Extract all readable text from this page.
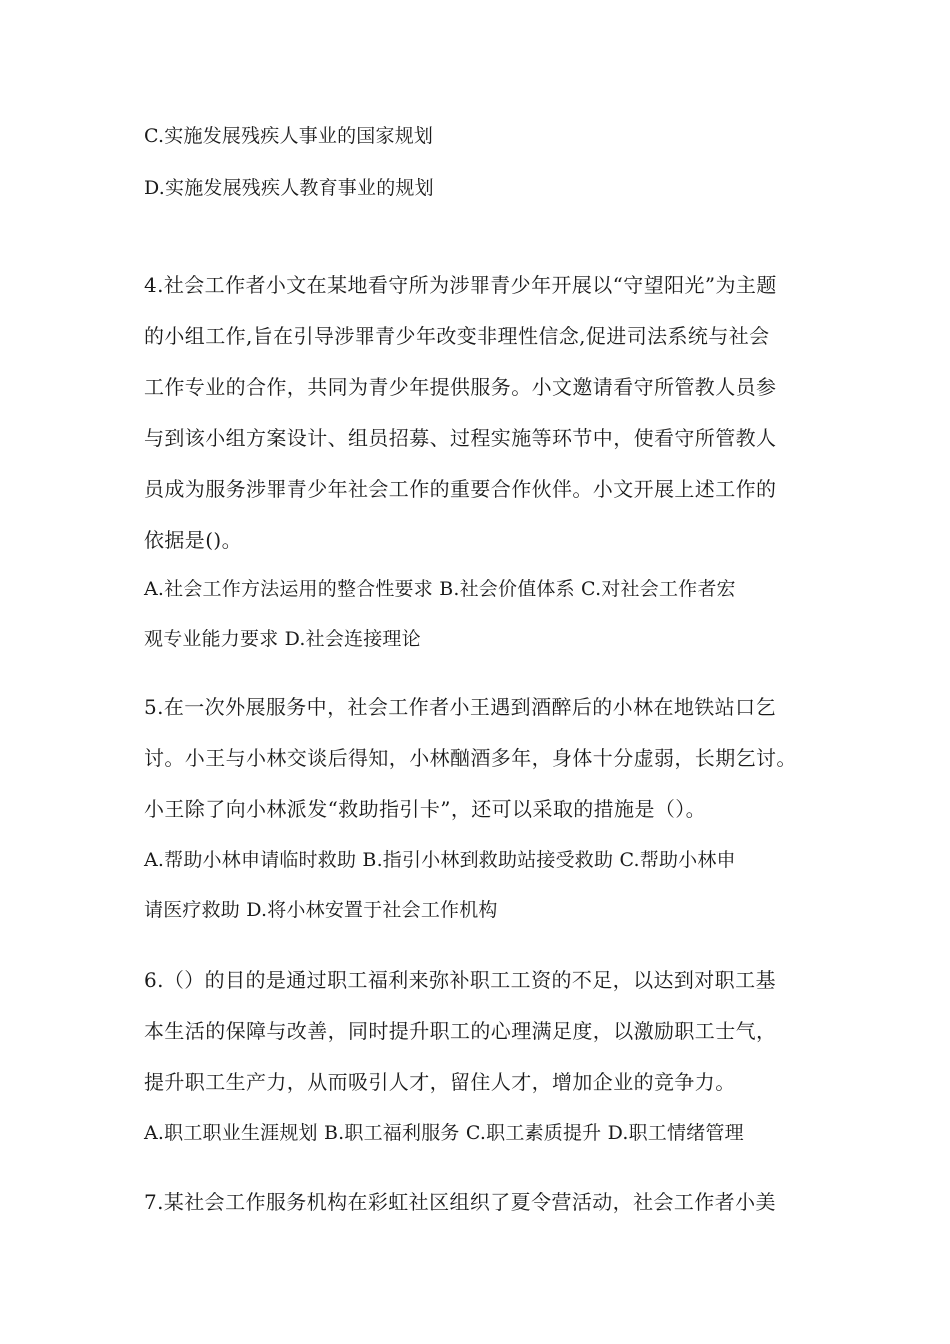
C.实施发展残疾人事业的国家规划
D.实施发展残疾人教育事业的规划
4.社会工作者小文在某地看守所为涉罪青少年开展以“守望阳光”为主题
的小组工作,旨在引导涉罪青少年改变非理性信念,促进司法系统与社会
工作专业的合作，共同为青少年提供服务。小文邀请看守所管教人员参
与到该小组方案设计、组员招募、过程实施等环节中，使看守所管教人
员成为服务涉罪青少年社会工作的重要合作伙伴。小文开展上述工作的
依据是()。
A.社会工作方法运用的整合性要求 B.社会价值体系 C.对社会工作者宏
观专业能力要求 D.社会连接理论
5.在一次外展服务中，社会工作者小王遇到酒醉后的小林在地铁站口乞
讨。小王与小林交谈后得知，小林酗酒多年，身体十分虚弱，长期乞讨。
小王除了向小林派发“救助指引卡”，还可以采取的措施是（）。
A.帮助小林申请临时救助 B.指引小林到救助站接受救助 C.帮助小林申
请医疗救助 D.将小林安置于社会工作机构
6.（）的目的是通过职工福利来弥补职工工资的不足，以达到对职工基
本生活的保障与改善，同时提升职工的心理满足度，以激励职工士气，
提升职工生产力，从而吸引人才，留住人才，增加企业的竞争力。
A.职工职业生涯规划 B.职工福利服务 C.职工素质提升 D.职工情绪管理
7.某社会工作服务机构在彩虹社区组织了夏令营活动，社会工作者小美
